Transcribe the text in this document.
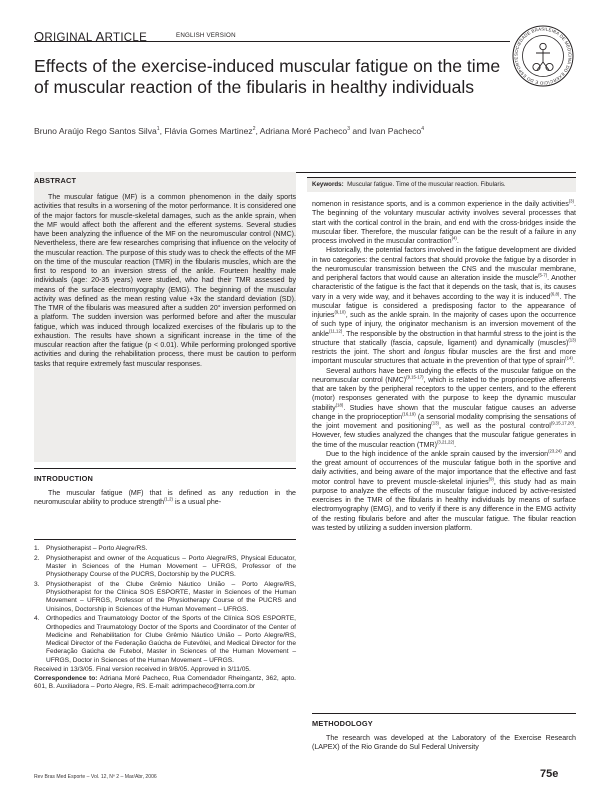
ORIGINAL ARTICLE	ENGLISH VERSION
SOCIEDADE BRASILEIRA DE MEDICINA DO EXERCÍCIO E DO ESPORTE
Effects of the exercise-induced muscular fatigue on the time of muscular reaction of the fibularis in healthy individuals
Bruno Araújo Rego Santos Silva$^1$, Flávia Gomes Martinez$^2$, Adriana Moré Pacheco$^3$ and Ivan Pacheco$^4$
ABSTRACT

The muscular fatigue (MF) is a common phenomenon in the daily sports activities that results in a worsening of the motor performance. It is considered one of the major factors for muscle-skeletal damages, such as the ankle sprain, when the MF would affect both the afferent and the efferent systems. Several studies have been analyzing the influence of the MF on the neuromuscular control (NMC). Nevertheless, there are few researches comprising that influence on the velocity of the muscular reaction. The purpose of this study was to check the effects of the MF on the time of the muscular reaction (TMR) in the fibularis muscles, which are the first to respond to an inversion stress of the ankle. Fourteen healthy male individuals (age: 20-35 years) were studied, who had their TMR assessed by means of the surface electromyography (EMG). The beginning of the muscular activity was defined as the mean resting value +3x the standard deviation (SD). The TMR of the fibularis was measured after a sudden 20° inversion performed on a platform. The sudden inversion was performed before and after the muscular fatigue, which was induced through localized exercises of the fibularis up to the exhaustion. The results have shown a significant increase in the time of the muscular reaction after the fatigue (p < 0.01). While performing prolonged sportive activities and during the rehabilitation process, there must be caution to perform tasks that require extremely fast muscular responses.

Keywords: Muscular fatigue. Time of the muscular reaction. Fibularis.
INTRODUCTION

The muscular fatigue (MF) that is defined as any reduction in the neuromuscular ability to produce strength$^{(1,2)}$ is a usual phe-

1. Physiotherapist – Porto Alegre/RS.
2. Physiotherapist and owner of the Acquaticus – Porto Alegre/RS, Physical Educator, Master in Sciences of the Human Movement – UFRGS, Professor of the Physiotherapy Course of the PUCRS, Doctorship by the PUCRS.
3. Physiotherapist of the Clube Grêmio Náutico União – Porto Alegre/RS, Physiotherapist for the Clínica SOS ESPORTE, Master in Sciences of the Human Movement – UFRGS, Professor of the Physiotherapy Course of the PUCRS and Unisinos, Doctorship in Sciences of the Human Movement – UFRGS.
4. Orthopedics and Traumatology Doctor of the Sports of the Clínica SOS ESPORTE, Orthopedics and Traumatology Doctor of the Sports and Coordinator of the Center of Medicine and Rehabilitation for Clube Grêmio Náutico União – Porto Alegre/RS, Medical Director of the Federação Gaúcha de Futevôlei, and Medical Director for the Federação Gaúcha de Futebol, Master in Sciences of the Human Movement – UFRGS, Doctor in Sciences of the Human Movement – UFRGS.
Received in 13/3/05. Final version received in 9/8/05. Approved in 3/11/05.
Correspondence to: Adriana Moré Pacheco, Rua Comendador Rheingantz, 362, apto. 601, B. Auxiliadora – Porto Alegre, RS. E-mail: adrimpacheco@terra.com.br

nomenon in resistance sports, and is a common experience in the daily activities$^{(3)}$. The beginning of the voluntary muscular activity involves several processes that start with the cortical control in the brain, and end with the cross-bridges inside the muscular fiber. Therefore, the muscular fatigue can be the result of a failure in any process involved in the muscular contraction$^{(4)}$.

Historically, the potential factors involved in the fatigue development are divided in two categories: the central factors that should provoke the fatigue by a disorder in the neuromuscular transmission between the CNS and the muscular membrane, and peripheral factors that would cause an alteration inside the muscle$^{(5-7)}$. Another characteristic of the fatigue is the fact that it depends on the task, that is, its causes vary in a very wide way, and it behaves according to the way it is induced$^{(6,8)}$. The muscular fatigue is considered a predisposing factor to the appearance of injuries$^{(9,10)}$, such as the ankle sprain. In the majority of cases upon the occurrence of such type of injury, the originator mechanism is an inversion movement of the ankle$^{(11,12)}$. The responsible by the obstruction in that harmful stress to the joint is the structure that statically (fascia, capsule, ligament) and dynamically (muscles)$^{(13)}$ restricts the joint. The short and longus fibular muscles are the first and more important muscular structures that actuate in the prevention of that type of sprain$^{(14)}$.

Several authors have been studying the effects of the muscular fatigue on the neuromuscular control (NMC)$^{(9,15-17)}$, which is related to the proprioceptive afferents that are taken by the peripheral receptors to the upper centers, and to the efferent (motor) responses generated with the purpose to keep the dynamic muscular stability$^{(18)}$. Studies have shown that the muscular fatigue causes an adverse change in the proprioception$^{(16,19)}$ (a sensorial modality comprising the sensations of the joint movement and positioning$^{(13)}$, as well as the postural control$^{(9,15,17,20)}$. However, few studies analyzed the changes that the muscular fatigue generates in the time of the muscular reaction (TMR)$^{(3,21,22)}$.

Due to the high incidence of the ankle sprain caused by the inversion$^{(23,24)}$ and the great amount of occurrences of the muscular fatigue both in the sportive and daily activities, and being aware of the major importance that the effective and fast motor control have to prevent muscle-skeletal injuries$^{(9)}$, this study had as main purpose to analyze the effects of the muscular fatigue induced by active-resisted exercises in the TMR of the fibularis in healthy individuals by means of surface electromyography (EMG), and to verify if there is any difference in the EMG activity of the resting fibularis before and after the muscular fatigue. The fibular reaction was tested by utilizing a sudden inversion platform.

METHODOLOGY

The research was developed at the Laboratory of the Exercise Research (LAPEX) of the Rio Grande do Sul Federal University

Rev Bras Med Esporte – Vol. 12, Nº 2 – Mar/Abr, 2006	75e
